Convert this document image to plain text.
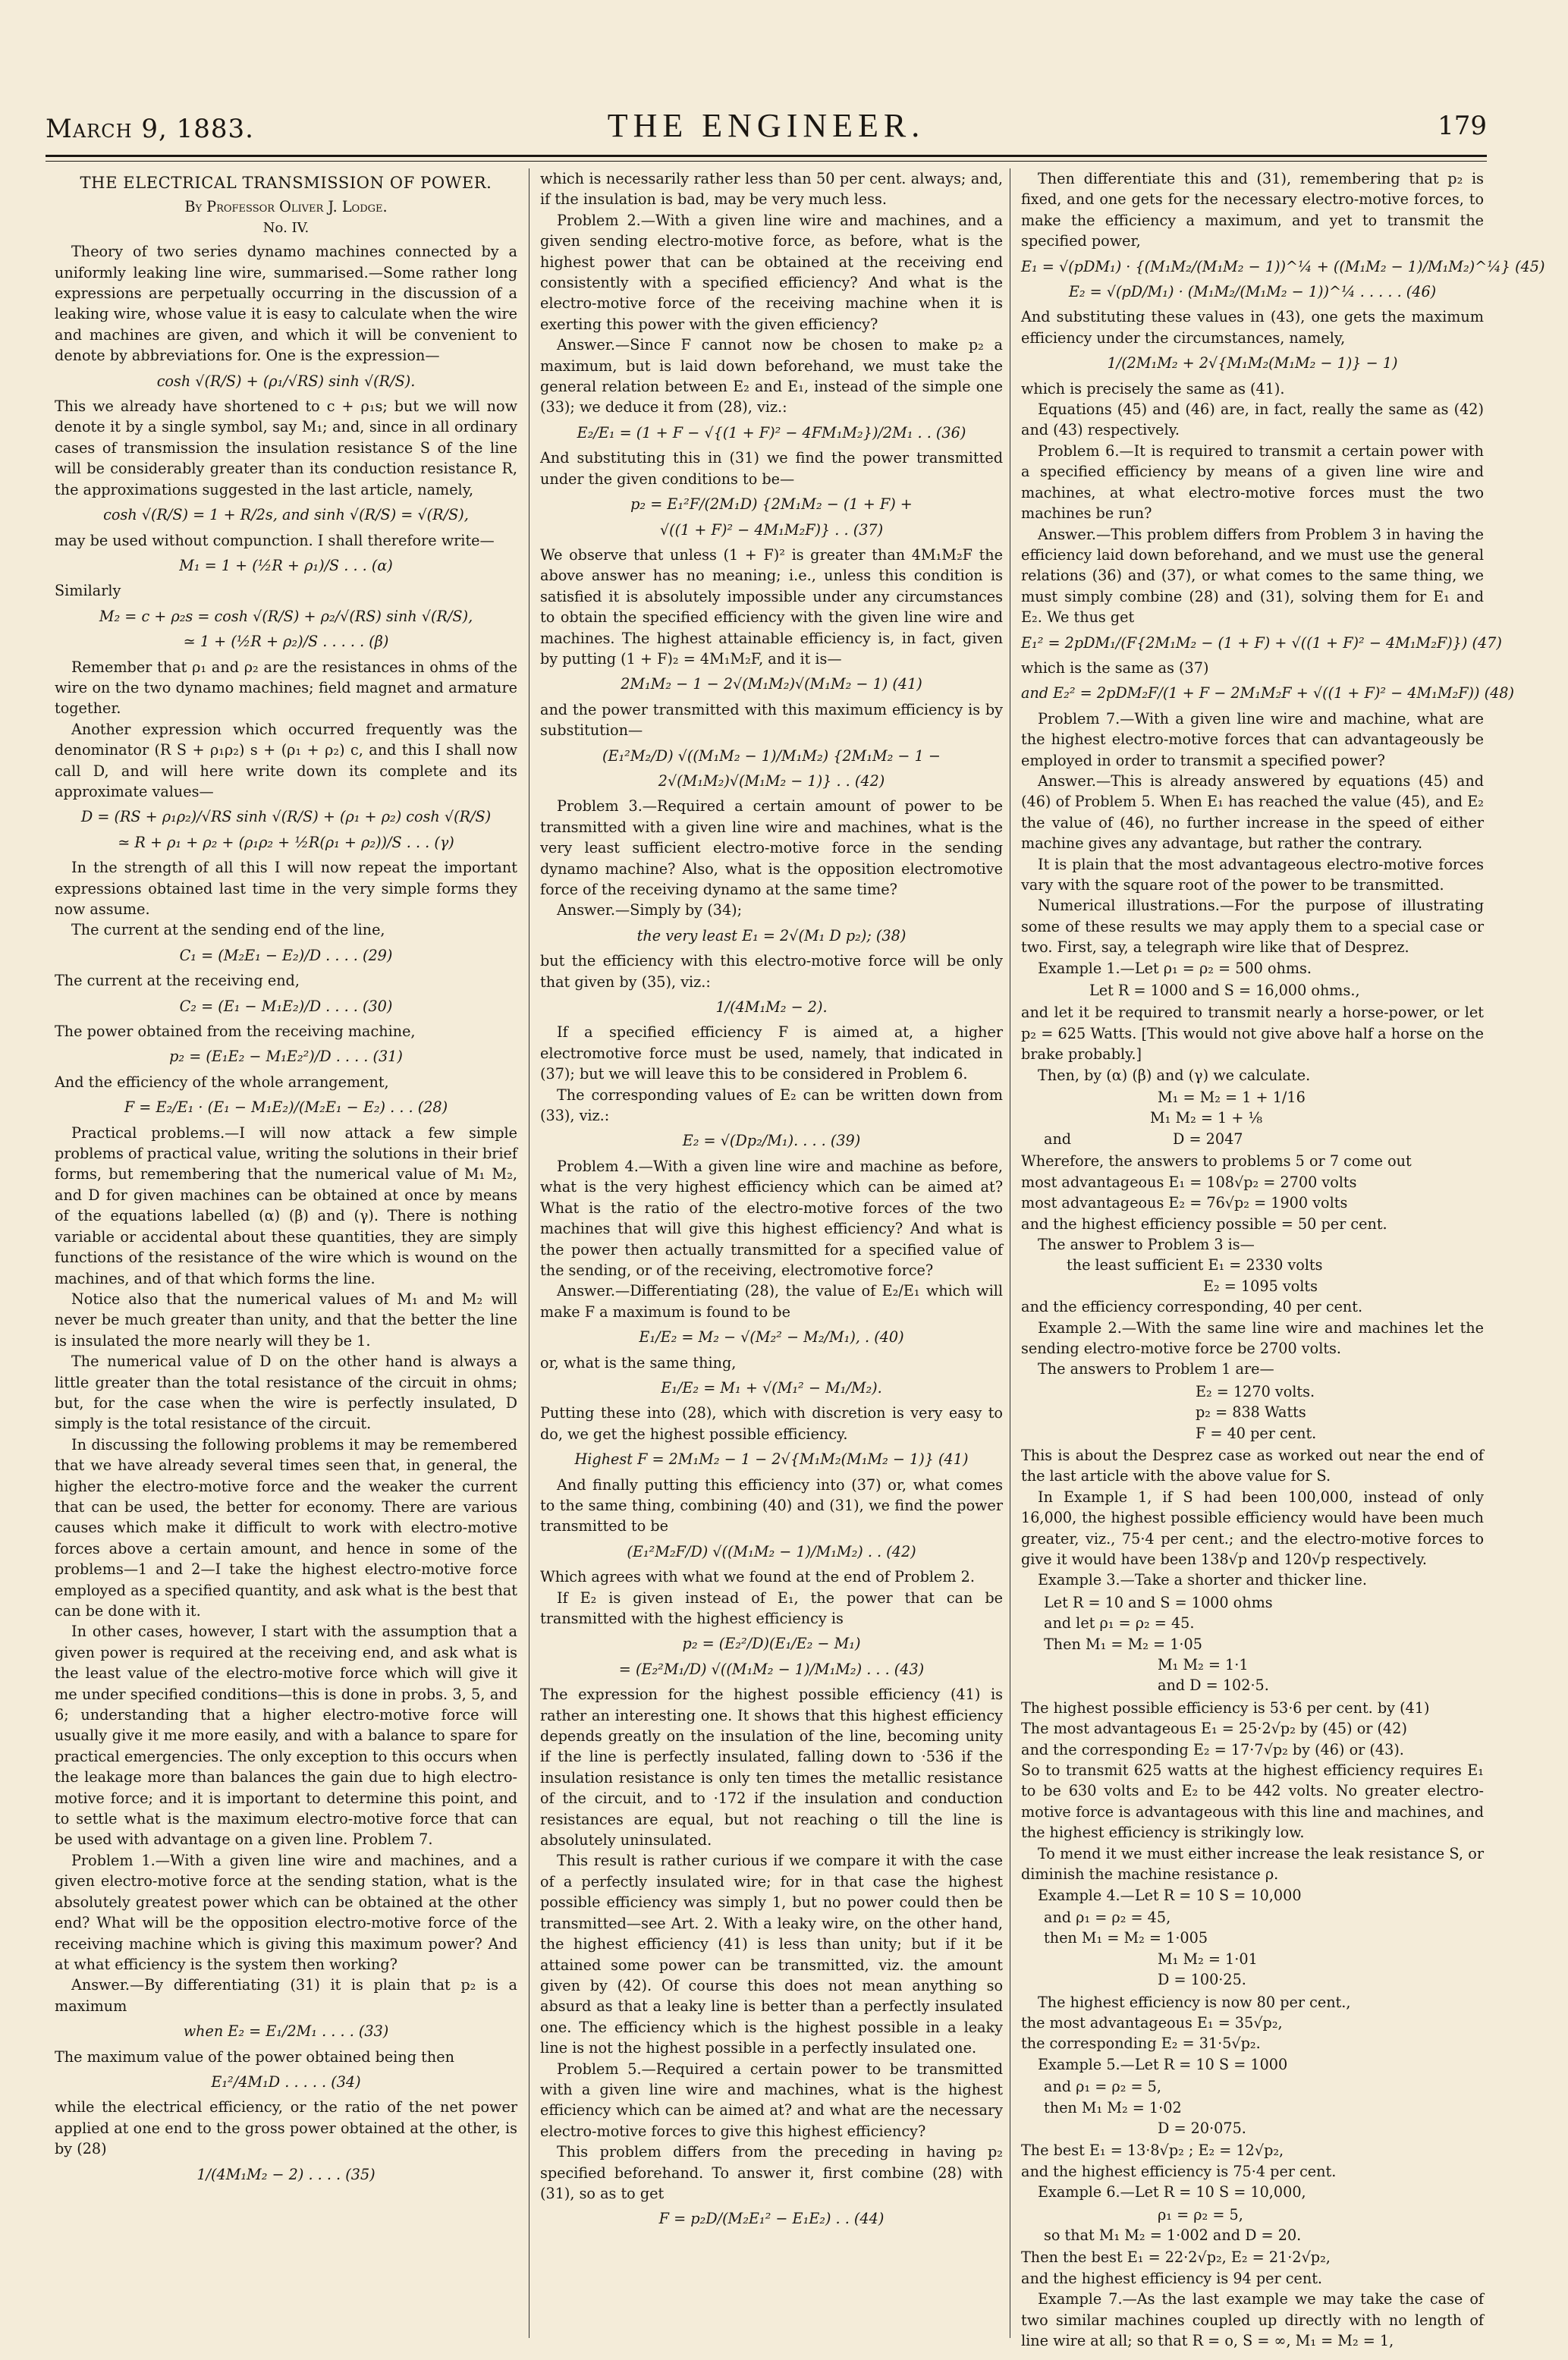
March 9, 1883.	THE ENGINEER.	179
THE ELECTRICAL TRANSMISSION OF POWER.
By Professor Oliver J. Lodge.
No. IV.

Theory of two series dynamo machines connected by a uniformly leaking line wire, summarised.—Some rather long expressions are perpetually occurring in the discussion of a leaking wire, whose value it is easy to calculate when the wire and machines are given, and which it will be convenient to denote by abbreviations for. One is the expression—

cosh √(R/S) + (ρ₁/√RS) sinh √(R/S).

This we already have shortened to c + ρ₁s; but we will now denote it by a single symbol, say M₁; and, since in all ordinary cases of transmission the insulation resistance S of the line will be considerably greater than its conduction resistance R, the approximations suggested in the last article, namely,

cosh √(R/S) = 1 + R/2s, and sinh √(R/S) = √(R/S),

may be used without compunction. I shall therefore write—

M₁ = 1 + (½R + ρ₁)/S . . . (α)

Similarly

M₂ = c + ρ₂s = cosh √(R/S) + ρ₂/√(RS) sinh √(R/S),
≃ 1 + (½R + ρ₂)/S . . . . . (β)

Remember that ρ₁ and ρ₂ are the resistances in ohms of the wire on the two dynamo machines; field magnet and armature together.

Another expression which occurred frequently was the denominator (R S + ρ₁ρ₂) s + (ρ₁ + ρ₂) c, and this I shall now call D, and will here write down its complete and its approximate values—

D = (RS + ρ₁ρ₂)/√RS sinh √(R/S) + (ρ₁ + ρ₂) cosh √(R/S)
≃ R + ρ₁ + ρ₂ + (ρ₁ρ₂ + ½R(ρ₁ + ρ₂))/S . . . (γ)

In the strength of all this I will now repeat the important expressions obtained last time in the very simple forms they now assume.

The current at the sending end of the line,

C₁ = (M₂E₁ − E₂)/D . . . . (29)

The current at the receiving end,

C₂ = (E₁ − M₁E₂)/D . . . . (30)

The power obtained from the receiving machine,

p₂ = (E₁E₂ − M₁E₂²)/D . . . . (31)

And the efficiency of the whole arrangement,

F = E₂/E₁ · (E₁ − M₁E₂)/(M₂E₁ − E₂) . . . (28)

Practical problems.—I will now attack a few simple problems of practical value, writing the solutions in their brief forms, but remembering that the numerical value of M₁ M₂, and D for given machines can be obtained at once by means of the equations labelled (α) (β) and (γ). There is nothing variable or accidental about these quantities, they are simply functions of the resistance of the wire which is wound on the machines, and of that which forms the line.

Notice also that the numerical values of M₁ and M₂ will never be much greater than unity, and that the better the line is insulated the more nearly will they be 1.

The numerical value of D on the other hand is always a little greater than the total resistance of the circuit in ohms; but, for the case when the wire is perfectly insulated, D simply is the total resistance of the circuit.

In discussing the following problems it may be remembered that we have already several times seen that, in general, the higher the electro-motive force and the weaker the current that can be used, the better for economy. There are various causes which make it difficult to work with electro-motive forces above a certain amount, and hence in some of the problems—1 and 2—I take the highest electro-motive force employed as a specified quantity, and ask what is the best that can be done with it.

In other cases, however, I start with the assumption that a given power is required at the receiving end, and ask what is the least value of the electro-motive force which will give it me under specified conditions—this is done in probs. 3, 5, and 6; understanding that a higher electro-motive force will usually give it me more easily, and with a balance to spare for practical emergencies. The only exception to this occurs when the leakage more than balances the gain due to high electro-motive force; and it is important to determine this point, and to settle what is the maximum electro-motive force that can be used with advantage on a given line. Problem 7.

Problem 1.—With a given line wire and machines, and a given electro-motive force at the sending station, what is the absolutely greatest power which can be obtained at the other end? What will be the opposition electro-motive force of the receiving machine which is giving this maximum power? And at what efficiency is the system then working?

Answer.—By differentiating (31) it is plain that p₂ is a maximum

when E₂ = E₁/2M₁ . . . . (33)

The maximum value of the power obtained being then

E₁²/4M₁D . . . . . (34)

while the electrical efficiency, or the ratio of the net power applied at one end to the gross power obtained at the other, is by (28)

1/(4M₁M₂ − 2) . . . . (35)

which is necessarily rather less than 50 per cent. always; and, if the insulation is bad, may be very much less.

Problem 2.—With a given line wire and machines, and a given sending electro-motive force, as before, what is the highest power that can be obtained at the receiving end consistently with a specified efficiency? And what is the electro-motive force of the receiving machine when it is exerting this power with the given efficiency?

Answer.—Since F cannot now be chosen to make p₂ a maximum, but is laid down beforehand, we must take the general relation between E₂ and E₁, instead of the simple one (33); we deduce it from (28), viz.:

E₂/E₁ = (1 + F − √{(1 + F)² − 4FM₁M₂})/2M₁ . . (36)

And substituting this in (31) we find the power transmitted under the given conditions to be—

p₂ = E₁²F/(2M₁D) {2M₁M₂ − (1 + F) +
√((1 + F)² − 4M₁M₂F)} . . (37)

We observe that unless (1 + F)² is greater than 4M₁M₂F the above answer has no meaning; i.e., unless this condition is satisfied it is absolutely impossible under any circumstances to obtain the specified efficiency with the given line wire and machines. The highest attainable efficiency is, in fact, given by putting (1 + F)₂ = 4M₁M₂F, and it is—

2M₁M₂ − 1 − 2√(M₁M₂)√(M₁M₂ − 1) (41)

and the power transmitted with this maximum efficiency is by substitution—

(E₁²M₂/D) √((M₁M₂ − 1)/M₁M₂) {2M₁M₂ − 1 −
2√(M₁M₂)√(M₁M₂ − 1)} . . (42)

Problem 3.—Required a certain amount of power to be transmitted with a given line wire and machines, what is the very least sufficient electro-motive force in the sending dynamo machine? Also, what is the opposition electromotive force of the receiving dynamo at the same time?

Answer.—Simply by (34);

the very least E₁ = 2√(M₁ D p₂); (38)

but the efficiency with this electro-motive force will be only that given by (35), viz.:

1/(4M₁M₂ − 2).

If a specified efficiency F is aimed at, a higher electromotive force must be used, namely, that indicated in (37); but we will leave this to be considered in Problem 6.

The corresponding values of E₂ can be written down from (33), viz.:

E₂ = √(Dp₂/M₁). . . . (39)

Problem 4.—With a given line wire and machine as before, what is the very highest efficiency which can be aimed at? What is the ratio of the electro-motive forces of the two machines that will give this highest efficiency? And what is the power then actually transmitted for a specified value of the sending, or of the receiving, electromotive force?

Answer.—Differentiating (28), the value of E₂/E₁ which will make F a maximum is found to be

E₁/E₂ = M₂ − √(M₂² − M₂/M₁), . (40)

or, what is the same thing,

E₁/E₂ = M₁ + √(M₁² − M₁/M₂).

Putting these into (28), which with discretion is very easy to do, we get the highest possible efficiency.

Highest F = 2M₁M₂ − 1 − 2√{M₁M₂(M₁M₂ − 1)} (41)

And finally putting this efficiency into (37) or, what comes to the same thing, combining (40) and (31), we find the power transmitted to be

(E₁²M₂F/D) √((M₁M₂ − 1)/M₁M₂) . . (42)

Which agrees with what we found at the end of Problem 2.

If E₂ is given instead of E₁, the power that can be transmitted with the highest efficiency is

p₂ = (E₂²/D)(E₁/E₂ − M₁)
= (E₂²M₁/D) √((M₁M₂ − 1)/M₁M₂) . . . (43)

The expression for the highest possible efficiency (41) is rather an interesting one. It shows that this highest efficiency depends greatly on the insulation of the line, becoming unity if the line is perfectly insulated, falling down to ·536 if the insulation resistance is only ten times the metallic resistance of the circuit, and to ·172 if the insulation and conduction resistances are equal, but not reaching o till the line is absolutely uninsulated.

This result is rather curious if we compare it with the case of a perfectly insulated wire; for in that case the highest possible efficiency was simply 1, but no power could then be transmitted—see Art. 2. With a leaky wire, on the other hand, the highest efficiency (41) is less than unity; but if it be attained some power can be transmitted, viz. the amount given by (42). Of course this does not mean anything so absurd as that a leaky line is better than a perfectly insulated one. The efficiency which is the highest possible in a leaky line is not the highest possible in a perfectly insulated one.

Problem 5.—Required a certain power to be transmitted with a given line wire and machines, what is the highest efficiency which can be aimed at? and what are the necessary electro-motive forces to give this highest efficiency?

This problem differs from the preceding in having p₂ specified beforehand. To answer it, first combine (28) with (31), so as to get

F = p₂D/(M₂E₁² − E₁E₂) . . (44)

Then differentiate this and (31), remembering that p₂ is fixed, and one gets for the necessary electro-motive forces, to make the efficiency a maximum, and yet to transmit the specified power,

E₁ = √(pDM₁) · {(M₁M₂/(M₁M₂ − 1))^¼ + ((M₁M₂ − 1)/M₁M₂)^¼} (45)
E₂ = √(pD/M₁) · (M₁M₂/(M₁M₂ − 1))^¼ . . . . . (46)

And substituting these values in (43), one gets the maximum efficiency under the circumstances, namely,

1/(2M₁M₂ + 2√{M₁M₂(M₁M₂ − 1)} − 1)

which is precisely the same as (41).

Equations (45) and (46) are, in fact, really the same as (42) and (43) respectively.

Problem 6.—It is required to transmit a certain power with a specified efficiency by means of a given line wire and machines, at what electro-motive forces must the two machines be run?

Answer.—This problem differs from Problem 3 in having the efficiency laid down beforehand, and we must use the general relations (36) and (37), or what comes to the same thing, we must simply combine (28) and (31), solving them for E₁ and E₂. We thus get

E₁² = 2pDM₁/(F{2M₁M₂ − (1 + F) + √((1 + F)² − 4M₁M₂F)}) (47)

which is the same as (37)

and E₂² = 2pDM₂F/(1 + F − 2M₁M₂F + √((1 + F)² − 4M₁M₂F)) (48)

Problem 7.—With a given line wire and machine, what are the highest electro-motive forces that can advantageously be employed in order to transmit a specified power?

Answer.—This is already answered by equations (45) and (46) of Problem 5. When E₁ has reached the value (45), and E₂ the value of (46), no further increase in the speed of either machine gives any advantage, but rather the contrary.

It is plain that the most advantageous electro-motive forces vary with the square root of the power to be transmitted.

Numerical illustrations.—For the purpose of illustrating some of these results we may apply them to a special case or two. First, say, a telegraph wire like that of Desprez.

Example 1.—Let ρ₁ = ρ₂ = 500 ohms.

Let R = 1000 and S = 16,000 ohms.,

and let it be required to transmit nearly a horse-power, or let p₂ = 625 Watts. [This would not give above half a horse on the brake probably.]

Then, by (α) (β) and (γ) we calculate.

M₁ = M₂ = 1 + 1/16
M₁ M₂ = 1 + ⅛
and	D = 2047

Wherefore, the answers to problems 5 or 7 come out

most advantageous E₁ = 108√p₂ = 2700 volts
most advantageous E₂ = 76√p₂ = 1900 volts
and the highest efficiency possible = 50 per cent.
The answer to Problem 3 is—
the least sufficient E₁ = 2330 volts
E₂ = 1095 volts
and the efficiency corresponding, 40 per cent.

Example 2.—With the same line wire and machines let the sending electro-motive force be 2700 volts.

The answers to Problem 1 are—

E₂ = 1270 volts.
p₂ = 838 Watts
F = 40 per cent.

This is about the Desprez case as worked out near the end of the last article with the above value for S.

In Example 1, if S had been 100,000, instead of only 16,000, the highest possible efficiency would have been much greater, viz., 75·4 per cent.; and the electro-motive forces to give it would have been 138√p and 120√p respectively.

Example 3.—Take a shorter and thicker line.

Let R = 10 and S = 1000 ohms
and let ρ₁ = ρ₂ = 45.
Then M₁ = M₂ = 1·05
M₁ M₂ = 1·1
and D = 102·5.

The highest possible efficiency is 53·6 per cent. by (41)

The most advantageous E₁ = 25·2√p₂ by (45) or (42)

and the corresponding E₂ = 17·7√p₂ by (46) or (43).

So to transmit 625 watts at the highest efficiency requires E₁ to be 630 volts and E₂ to be 442 volts. No greater electro-motive force is advantageous with this line and machines, and the highest efficiency is strikingly low.

To mend it we must either increase the leak resistance S, or diminish the machine resistance ρ.

Example 4.—Let R = 10 S = 10,000

and ρ₁ = ρ₂ = 45,
then M₁ = M₂ = 1·005
M₁ M₂ = 1·01
D = 100·25.

The highest efficiency is now 80 per cent.,

the most advantageous E₁ = 35√p₂,

the corresponding E₂ = 31·5√p₂.

Example 5.—Let R = 10 S = 1000

and ρ₁ = ρ₂ = 5,
then M₁ M₂ = 1·02
D = 20·075.

The best E₁ = 13·8√p₂ ; E₂ = 12√p₂,

and the highest efficiency is 75·4 per cent.

Example 6.—Let R = 10 S = 10,000,

ρ₁ = ρ₂ = 5,
so that M₁ M₂ = 1·002 and D = 20.

Then the best E₁ = 22·2√p₂, E₂ = 21·2√p₂,

and the highest efficiency is 94 per cent.

Example 7.—As the last example we may take the case of two similar machines coupled up directly with no length of line wire at all; so that R = o, S = ∞, M₁ = M₂ = 1,
